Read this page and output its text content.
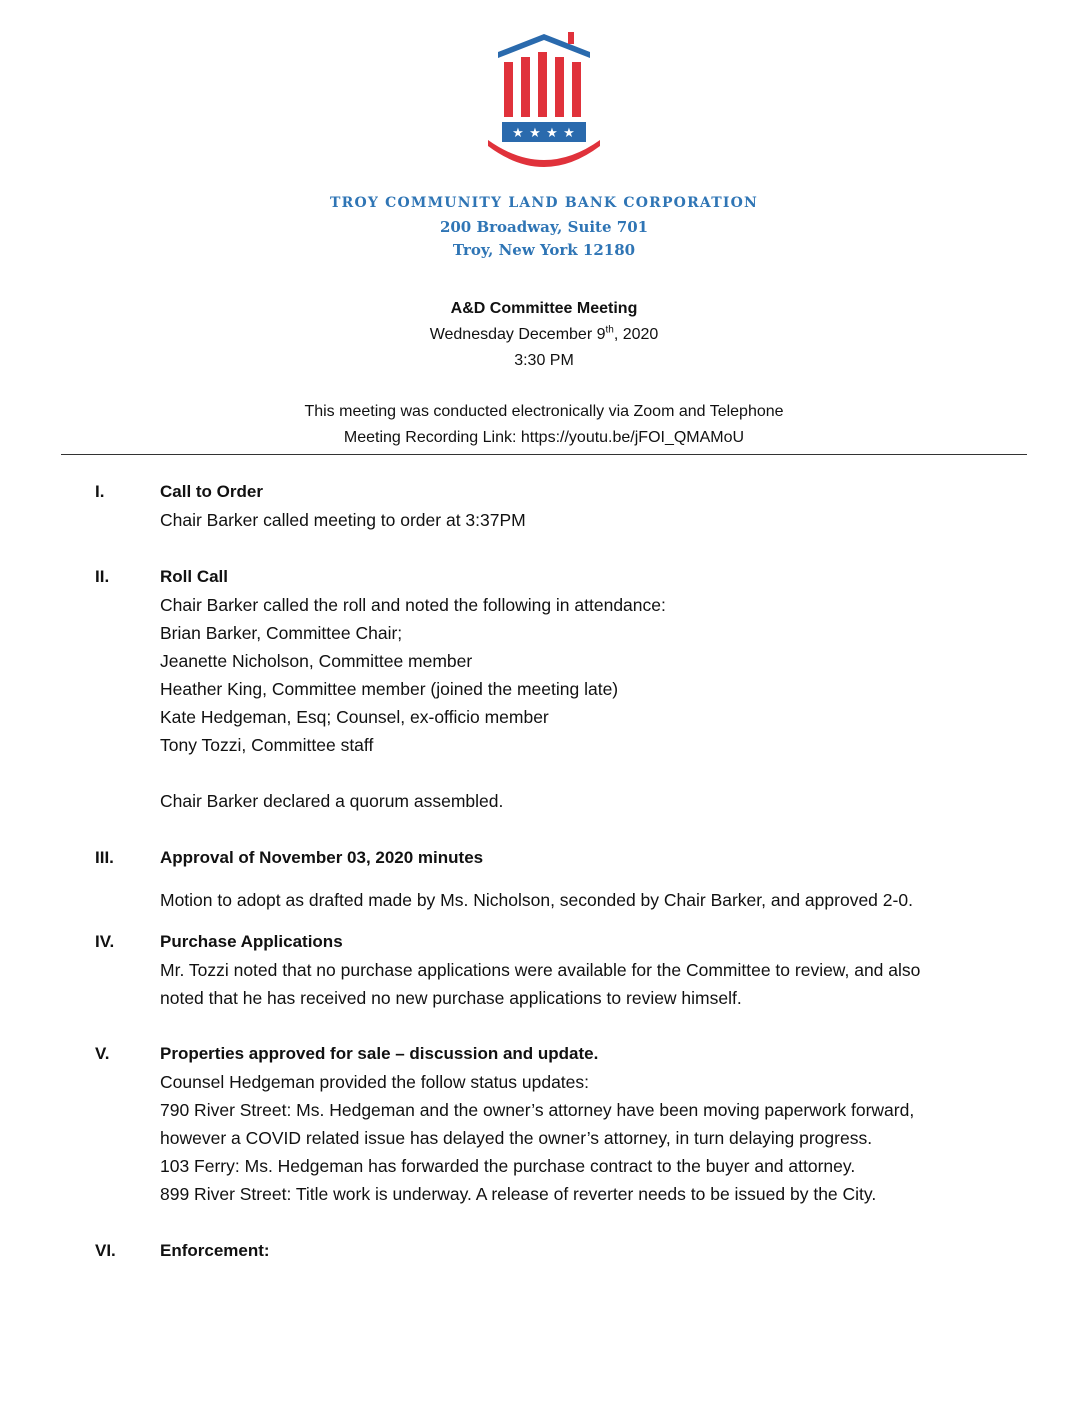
★ ★ ★ ★
TROY COMMUNITY LAND BANK CORPORATION
200 Broadway, Suite 701
Troy, New York 12180
A&D Committee Meeting
Wednesday December 9th, 2020
3:30 PM
This meeting was conducted electronically via Zoom and Telephone
Meeting Recording Link: https://youtu.be/jFOI_QMAMoU
I.	Call to Order
Chair Barker called meeting to order at 3:37PM
II.	Roll Call
Chair Barker called the roll and noted the following in attendance:
Brian Barker, Committee Chair;
Jeanette Nicholson, Committee member
Heather King, Committee member (joined the meeting late)
Kate Hedgeman, Esq; Counsel, ex-officio member
Tony Tozzi, Committee staff
Chair Barker declared a quorum assembled.
III.	Approval of November 03, 2020 minutes
Motion to adopt as drafted made by Ms. Nicholson, seconded by Chair Barker, and approved 2-0.
IV.	Purchase Applications
Mr. Tozzi noted that no purchase applications were available for the Committee to review, and also
noted that he has received no new purchase applications to review himself.
V.	Properties approved for sale – discussion and update.
Counsel Hedgeman provided the follow status updates:
790 River Street: Ms. Hedgeman and the owner’s attorney have been moving paperwork forward,
however a COVID related issue has delayed the owner’s attorney, in turn delaying progress.
103 Ferry: Ms. Hedgeman has forwarded the purchase contract to the buyer and attorney.
899 River Street: Title work is underway. A release of reverter needs to be issued by the City.
VI.	Enforcement:
